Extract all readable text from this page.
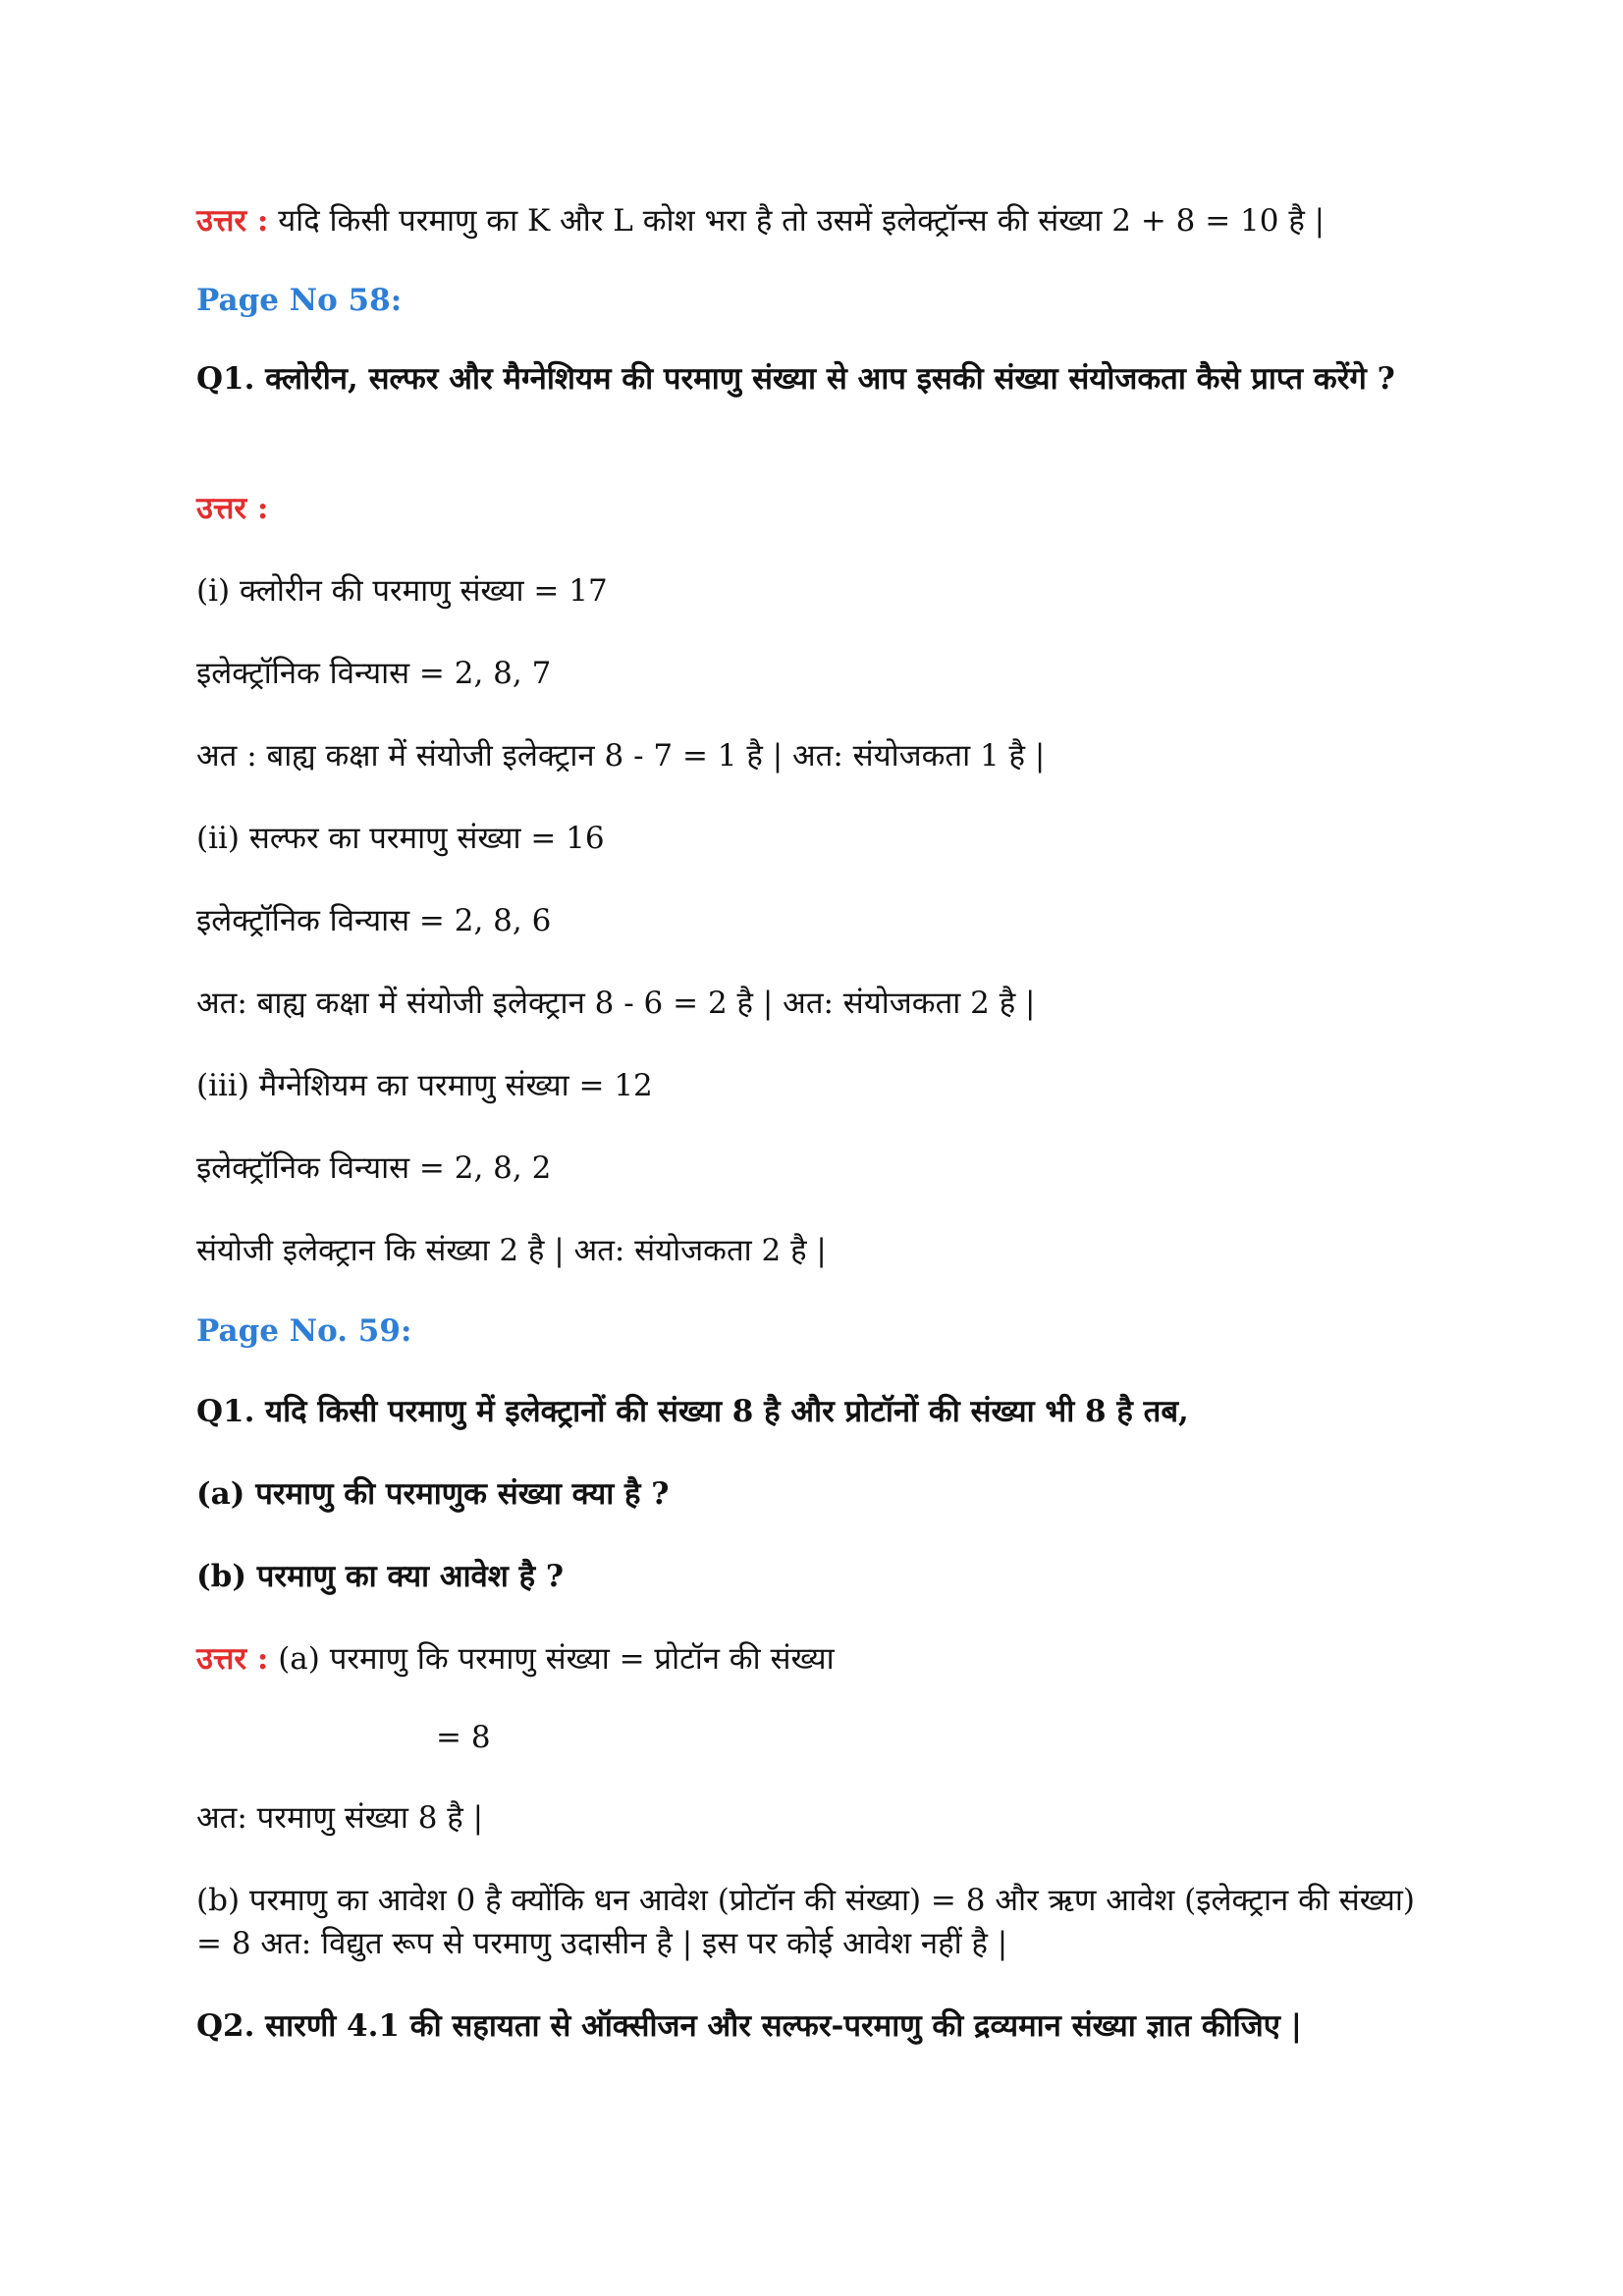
उत्तर : यदि किसी परमाणु का K और L कोश भरा है तो उसमें इलेक्ट्रॉन्स की संख्या 2 + 8 = 10 है |
Page No 58:
Q1. क्लोरीन, सल्फर और मैग्नेशियम की परमाणु संख्या से आप इसकी संख्या संयोजकता कैसे प्राप्त करेंगे ?
उत्तर :
(i) क्लोरीन की परमाणु संख्या = 17
इलेक्ट्रॉनिक विन्यास = 2, 8, 7
अत : बाह्य कक्षा में संयोजी इलेक्ट्रान 8 - 7 = 1 है | अत: संयोजकता 1 है |
(ii) सल्फर का परमाणु संख्या = 16
इलेक्ट्रॉनिक विन्यास = 2, 8, 6
अत: बाह्य कक्षा में संयोजी इलेक्ट्रान 8 - 6 = 2 है | अत: संयोजकता 2 है |
(iii) मैग्नेशियम का परमाणु संख्या = 12
इलेक्ट्रॉनिक विन्यास = 2, 8, 2
संयोजी इलेक्ट्रान कि संख्या 2 है | अत: संयोजकता 2 है |
Page No. 59:
Q1. यदि किसी परमाणु में इलेक्ट्रानों की संख्या 8 है और प्रोटॉनों की संख्या भी 8 है तब,
(a) परमाणु की परमाणुक संख्या क्या है ?
(b) परमाणु का क्या आवेश है ?
उत्तर : (a) परमाणु कि परमाणु संख्या = प्रोटॉन की संख्या
= 8
अत: परमाणु संख्या 8 है |
(b) परमाणु का आवेश 0 है क्योंकि धन आवेश (प्रोटॉन की संख्या) = 8 और ऋण आवेश (इलेक्ट्रान की संख्या) = 8 अत: विद्युत रूप से परमाणु उदासीन है | इस पर कोई आवेश नहीं है |
Q2. सारणी 4.1 की सहायता से ऑक्सीजन और सल्फर-परमाणु की द्रव्यमान संख्या ज्ञात कीजिए |
